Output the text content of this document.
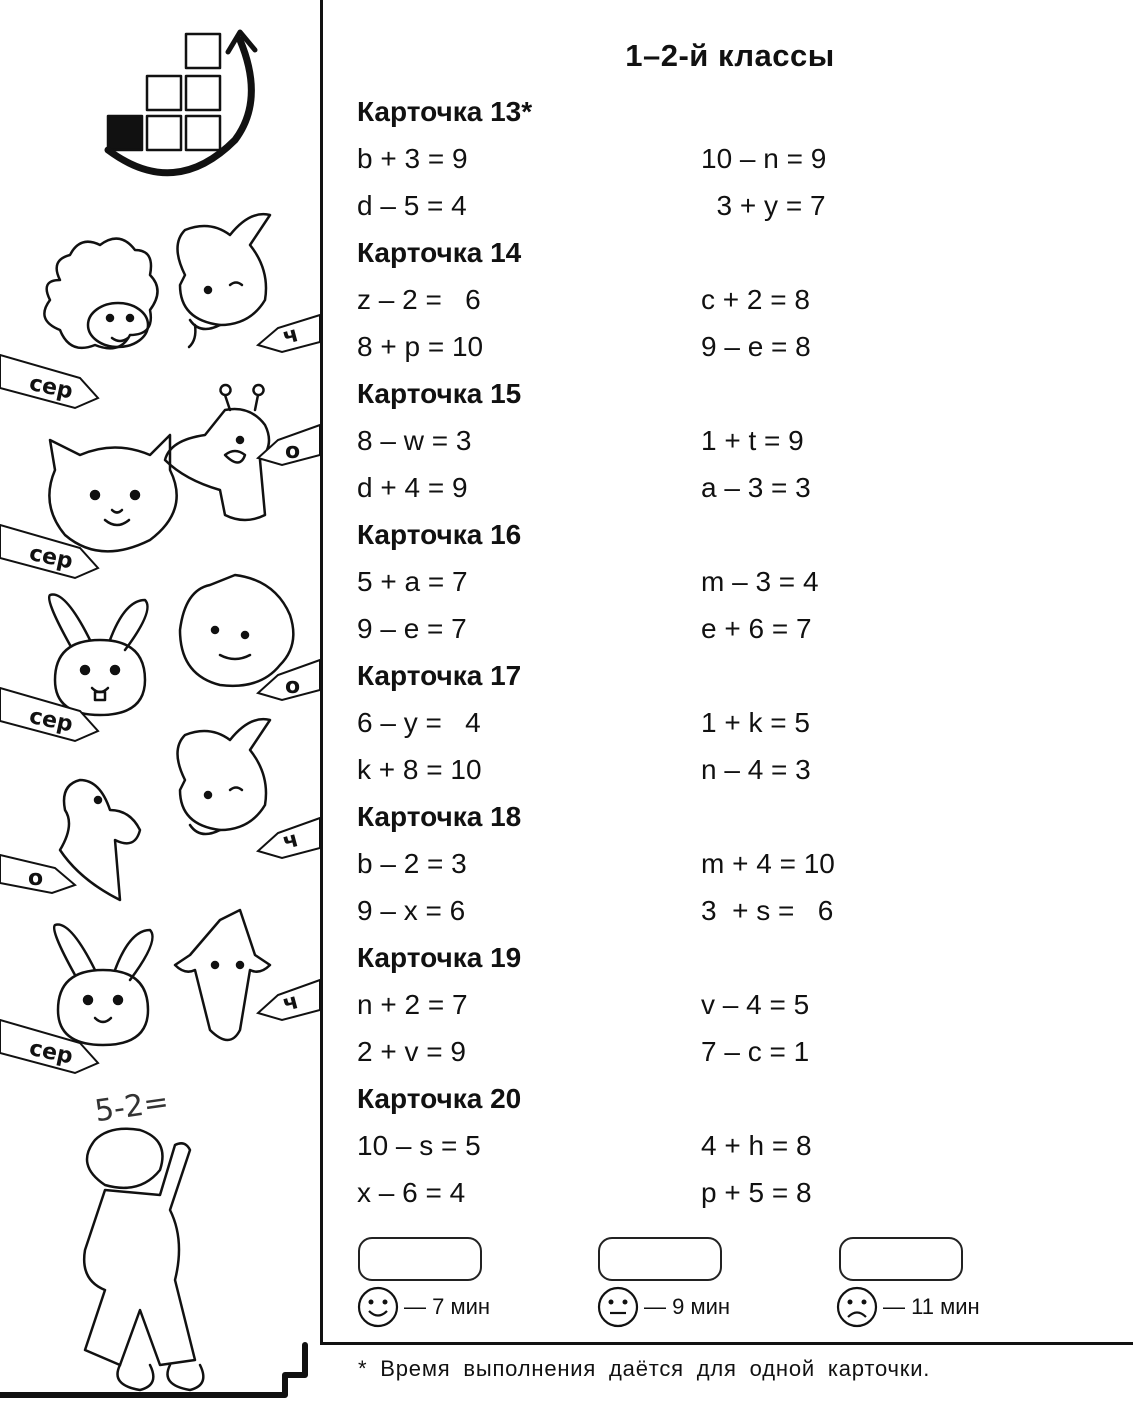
сер
ч
сер
о
сер
о
о
ч
сер
ч
5-2=
1–2-й классы
Карточка 13*
b + 3 = 9	10 – n = 9
d – 5 = 4	3 + y = 7
Карточка 14
z – 2 =   6	c + 2 = 8
8 + p = 10	9 – e = 8
Карточка 15
8 – w = 3	1 + t = 9
d + 4 = 9	a – 3 = 3
Карточка 16
5 + a = 7	m – 3 = 4
9 – e = 7	e + 6 = 7
Карточка 17
6 – y =   4	1 + k = 5
k + 8 = 10	n – 4 = 3
Карточка 18
b – 2 = 3	m + 4 = 10
9 – x = 6	3  + s =   6
Карточка 19
n + 2 = 7	v – 4 = 5
2 + v = 9	7 – c = 1
Карточка 20
10 – s = 5	4 + h = 8
x – 6 = 4	p + 5 = 8
— 7 мин	— 9 мин	— 11 мин
* Время выполнения даётся для одной карточки.
